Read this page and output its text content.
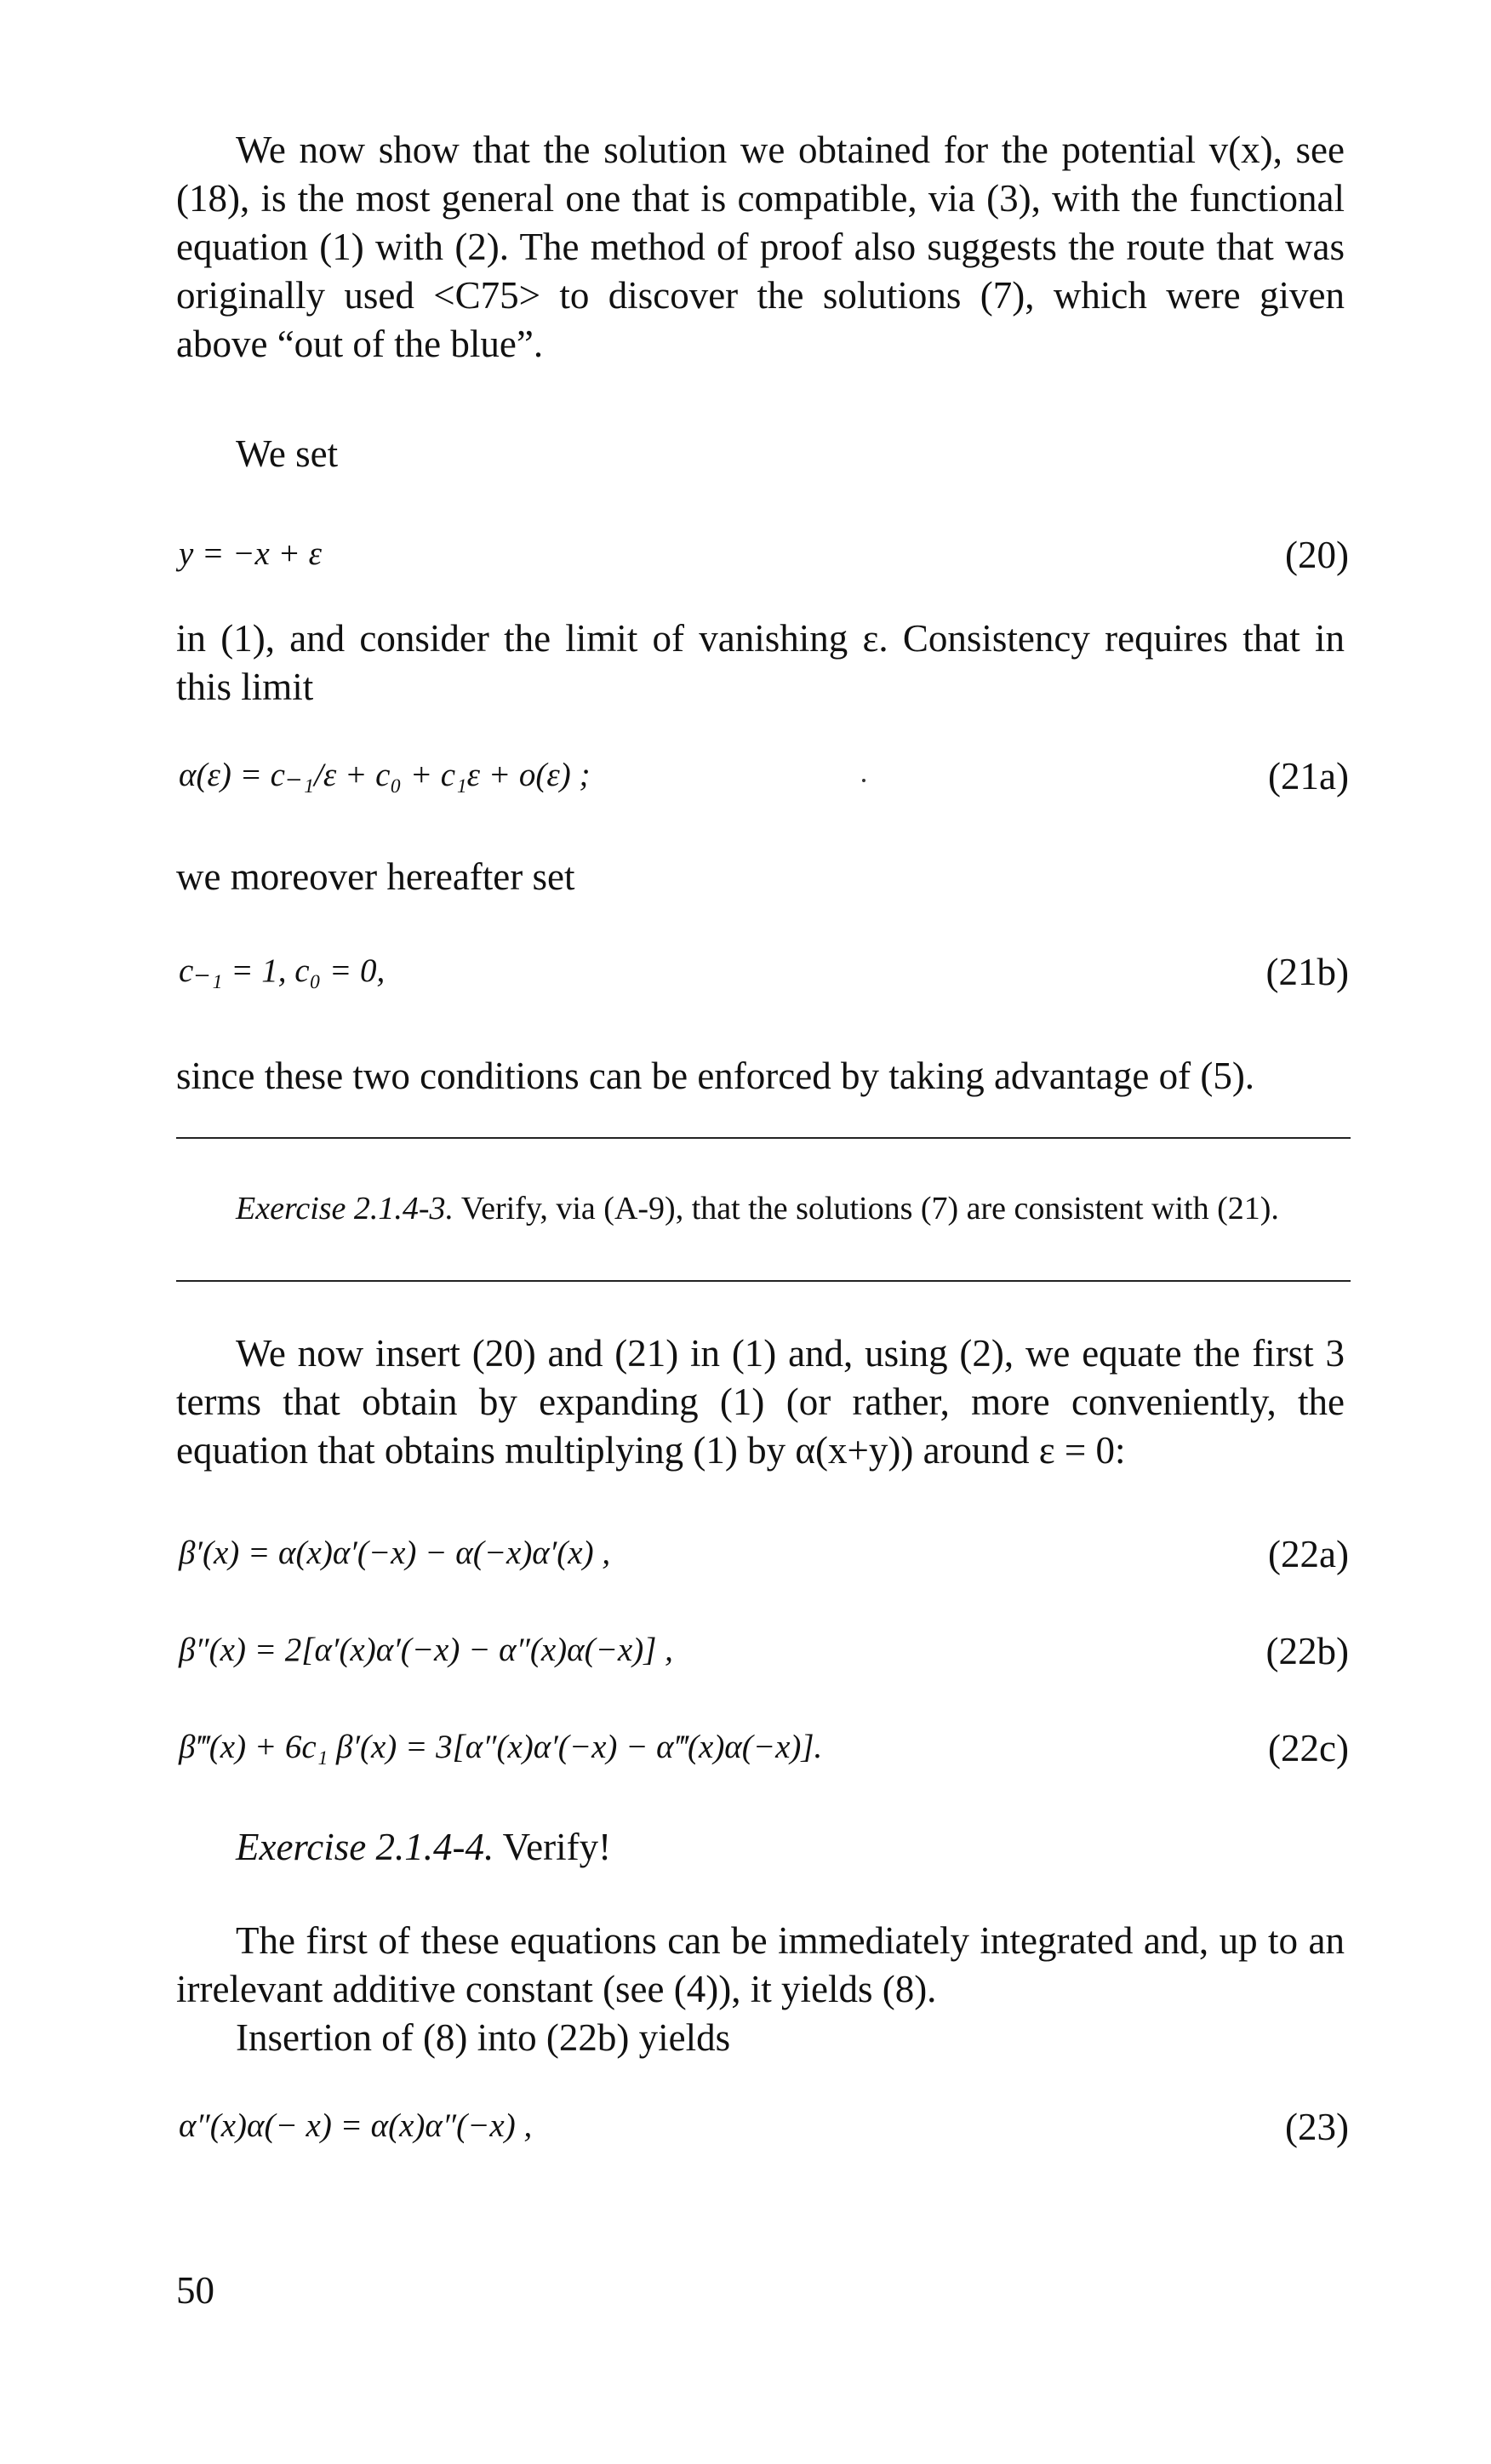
We now show that the solution we obtained for the potential v(x), see (18), is the most general one that is compatible, via (3), with the functional equation (1) with (2). The method of proof also suggests the route that was originally used <C75> to discover the solutions (7), which were given above “out of the blue”.

We set

y = −x + ε	(20)

in (1), and consider the limit of vanishing ε. Consistency requires that in this limit

α(ε) = c₋₁/ε + c₀ + c₁ε + o(ε) ;	(21a)

we moreover hereafter set

c₋₁ = 1, c₀ = 0,	(21b)

since these two conditions can be enforced by taking advantage of (5).

Exercise 2.1.4-3. Verify, via (A-9), that the solutions (7) are consistent with (21).

We now insert (20) and (21) in (1) and, using (2), we equate the first 3 terms that obtain by expanding (1) (or rather, more conveniently, the equation that obtains multiplying (1) by α(x+y)) around ε = 0:

β′(x) = α(x)α′(−x) − α(−x)α′(x) ,	(22a)
β″(x) = 2[α′(x)α′(−x) − α″(x)α(−x)] ,	(22b)
β‴(x) + 6c₁ β′(x) = 3[α″(x)α′(−x) − α‴(x)α(−x)].	(22c)
Exercise 2.1.4-4. Verify!

The first of these equations can be immediately integrated and, up to an irrelevant additive constant (see (4)), it yields (8).

Insertion of (8) into (22b) yields

α″(x)α(− x) = α(x)α″(−x) ,	(23)
50
